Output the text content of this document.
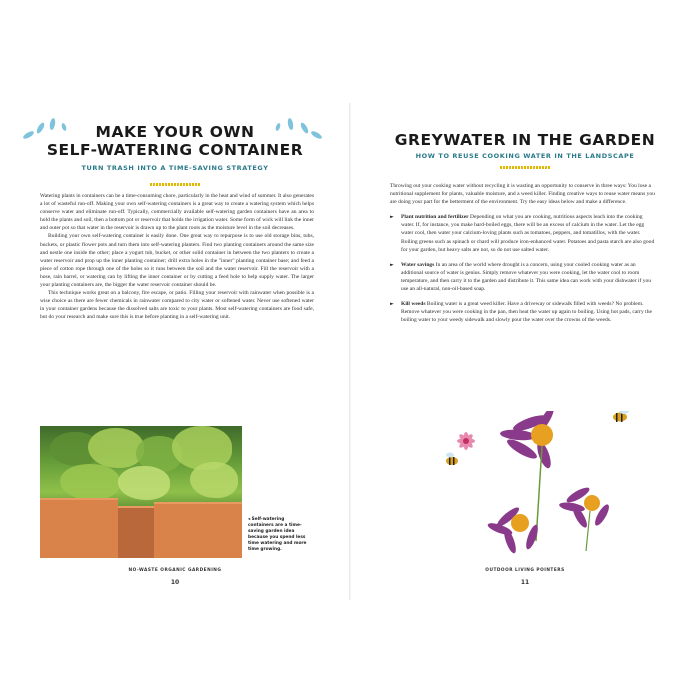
MAKE YOUR OWN
SELF-WATERING CONTAINER
TURN TRASH INTO A TIME-SAVING STRATEGY

Watering plants in containers can be a time-consuming chore, particularly in the heat and wind of summer. It also generates a lot of wasteful run-off. Making your own self-watering containers is a great way to create a watering system which helps conserve water and eliminate run-off. Typically, commercially available self-watering garden containers have an area to hold the plants and soil, then a bottom pot or reservoir that holds the irrigation water. Some form of wick will link the inner and outer pot so that water in the reservoir is drawn up to the plant roots as the moisture level in the soil decreases.

Building your own self-watering container is easily done. One great way to repurpose is to use old storage bins, tubs, buckets, or plastic flower pots and turn them into self-watering planters. Find two planting containers around the same size and nestle one inside the other; place a yogurt tub, bucket, or other solid container in between the two planters to create a water reservoir and prop up the inner planting container; drill extra holes in the "inner" planting container base; and feed a piece of cotton rope through one of the holes so it runs between the soil and the water reservoir. Fill the reservoir with a hose, rain barrel, or watering can by lifting the inner container or by cutting a feed hole to help supply water. The larger your planting containers are, the bigger the water reservoir container should be.

This technique works great on a balcony, fire escape, or patio. Filling your reservoir with rainwater when possible is a wise choice as there are fewer chemicals in rainwater compared to city water or softened water. Never use softened water in your container gardens because the dissolved salts are toxic to your plants. Most self-watering containers are food safe, but do your research and make sure this is true before planting in a self-watering unit.

◂ Self-watering containers are a time-saving garden idea because you spend less time watering and more time growing.
NO-WASTE ORGANIC GARDENING
10
GREYWATER IN THE GARDEN
HOW TO REUSE COOKING WATER IN THE LANDSCAPE

Throwing out your cooking water without recycling it is wasting an opportunity to conserve in three ways: You lose a nutritional supplement for plants, valuable moisture, and a weed killer. Finding creative ways to reuse water means you are doing your part for the betterment of the environment. Try the easy ideas below and make a difference.

► Plant nutrition and fertilizer Depending on what you are cooking, nutritious aspects leach into the cooking water. If, for instance, you make hard-boiled eggs, there will be an excess of calcium in the water. Let the egg water cool, then water your calcium-loving plants such as tomatoes, peppers, and tomatillos, with the water. Boiling greens such as spinach or chard will produce iron-enhanced water. Potatoes and pasta starch are also good for your garden, but heavy salts are not, so do not use salted water.

► Water savings In an area of the world where drought is a concern, using your cooled cooking water as an additional source of water is genius. Simply remove whatever you were cooking, let the water cool to room temperature, and then carry it to the garden and distribute it. This same idea can work with your dishwater if you use an all-natural, non-oil-based soap.

► Kill weeds Boiling water is a great weed killer. Have a driveway or sidewalk filled with weeds? No problem. Remove whatever you were cooking in the pan, then heat the water up again to boiling. Using hot pads, carry the boiling water to your weedy sidewalk and slowly pour the water over the crowns of the weeds.

OUTDOOR LIVING POINTERS
11
